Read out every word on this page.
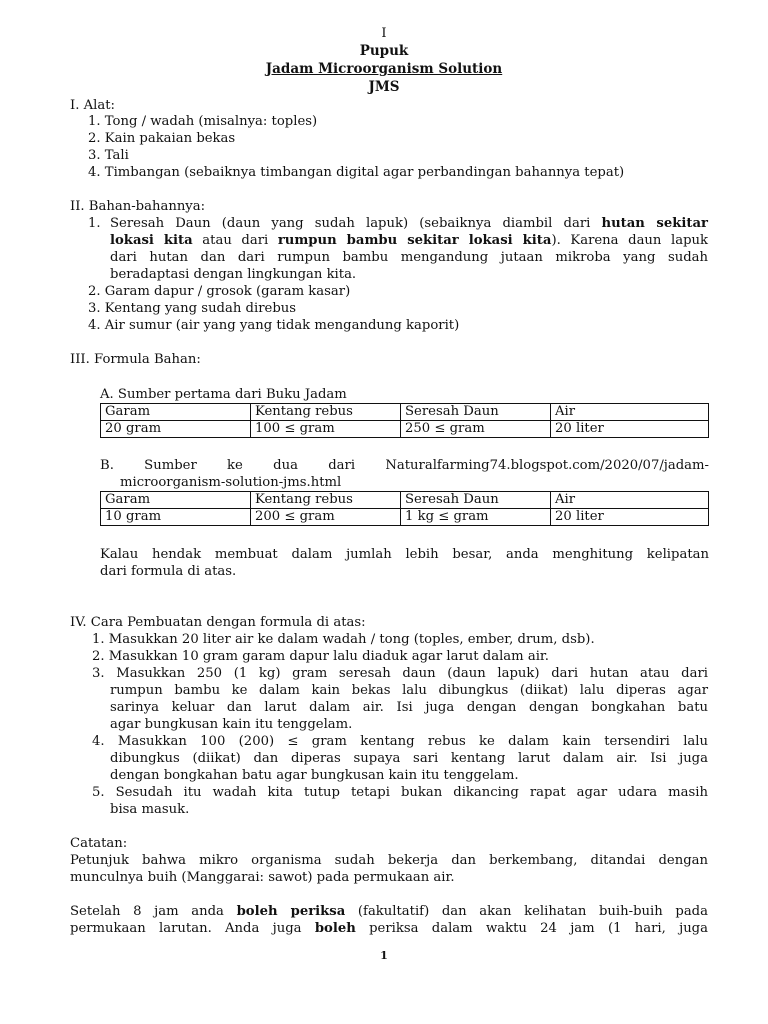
I
Pupuk
Jadam Microorganism Solution
JMS
I. Alat:
1. Tong / wadah (misalnya: toples)
2. Kain pakaian bekas
3. Tali
4. Timbangan (sebaiknya timbangan digital agar perbandingan bahannya tepat)
II. Bahan-bahannya:
1. Seresah Daun (daun yang sudah lapuk) (sebaiknya diambil dari hutan sekitar
lokasi kita atau dari rumpun bambu sekitar lokasi kita). Karena daun lapuk
dari hutan dan dari rumpun bambu mengandung jutaan mikroba yang sudah
beradaptasi dengan lingkungan kita.
2. Garam dapur / grosok (garam kasar)
3. Kentang yang sudah direbus
4. Air sumur (air yang yang tidak mengandung kaporit)
III. Formula Bahan:
A. Sumber pertama dari Buku Jadam
Garam	Kentang rebus	Seresah Daun	Air
20 gram	100 ≤ gram	250 ≤ gram	20 liter
B. Sumber ke dua dari Naturalfarming74.blogspot.com/2020/07/jadam-
microorganism-solution-jms.html
Garam	Kentang rebus	Seresah Daun	Air
10 gram	200 ≤ gram	1 kg ≤ gram	20 liter
Kalau hendak membuat dalam jumlah lebih besar, anda menghitung kelipatan
dari formula di atas.
IV. Cara Pembuatan dengan formula di atas:
1. Masukkan 20 liter air ke dalam wadah / tong (toples, ember, drum, dsb).
2. Masukkan 10 gram garam dapur lalu diaduk agar larut dalam air.
3. Masukkan 250 (1 kg) gram seresah daun (daun lapuk) dari hutan atau dari
rumpun bambu ke dalam kain bekas lalu dibungkus (diikat) lalu diperas agar
sarinya keluar dan larut dalam air. Isi juga dengan dengan bongkahan batu
agar bungkusan kain itu tenggelam.
4. Masukkan 100 (200) ≤ gram kentang rebus ke dalam kain tersendiri lalu
dibungkus (diikat) dan diperas supaya sari kentang larut dalam air. Isi juga
dengan bongkahan batu agar bungkusan kain itu tenggelam.
5. Sesudah itu wadah kita tutup tetapi bukan dikancing rapat agar udara masih
bisa masuk.
Catatan:
Petunjuk bahwa mikro organisma sudah bekerja dan berkembang, ditandai dengan
munculnya buih (Manggarai: sawot) pada permukaan air.
Setelah 8 jam anda boleh periksa (fakultatif) dan akan kelihatan buih-buih pada
permukaan larutan. Anda juga boleh periksa dalam waktu 24 jam (1 hari, juga
1
